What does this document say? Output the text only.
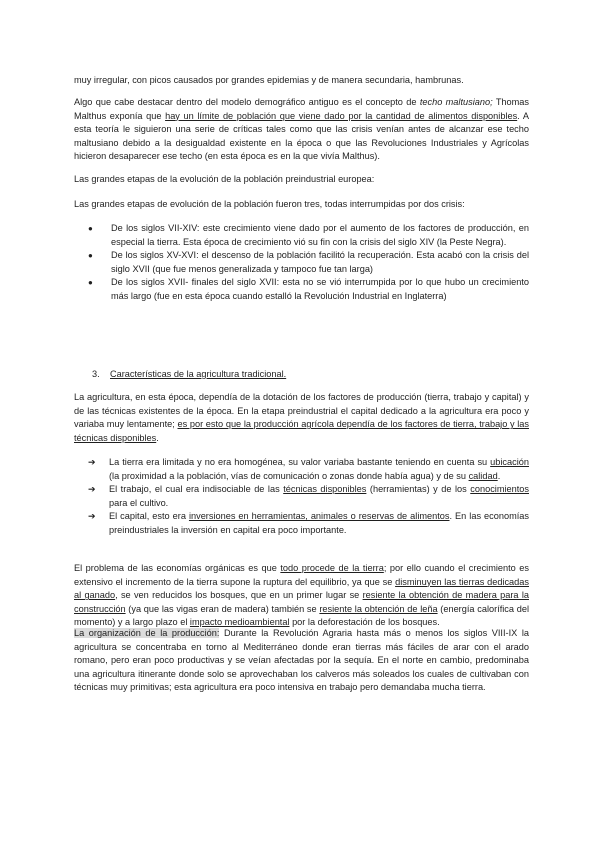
muy irregular, con picos causados por grandes epidemias y de manera secundaria, hambrunas.

Algo que cabe destacar dentro del modelo demográfico antiguo es el concepto de techo maltusiano; Thomas Malthus exponía que hay un límite de población que viene dado por la cantidad de alimentos disponibles. A esta teoría le siguieron una serie de críticas tales como que las crisis venían antes de alcanzar ese techo maltusiano debido a la desigualdad existente en la época o que las Revoluciones Industriales y Agrícolas hicieron desaparecer ese techo (en esta época es en la que vivía Malthus).

Las grandes etapas de la evolución de la población preindustrial europea:

Las grandes etapas de evolución de la población fueron tres, todas interrumpidas por dos crisis:

● De los siglos VII-XIV: este crecimiento viene dado por el aumento de los factores de producción, en especial la tierra. Esta época de crecimiento vió su fin con la crisis del siglo XIV (la Peste Negra).
● De los siglos XV-XVI: el descenso de la población facilitó la recuperación. Esta acabó con la crisis del siglo XVII (que fue menos generalizada y tampoco fue tan larga)
● De los siglos XVII- finales del siglo XVII: esta no se vió interrumpida por lo que hubo un crecimiento más largo (fue en esta época cuando estalló la Revolución Industrial en Inglaterra)
3. Características de la agricultura tradicional.

La agricultura, en esta época, dependía de la dotación de los factores de producción (tierra, trabajo y capital) y de las técnicas existentes de la época. En la etapa preindustrial el capital dedicado a la agricultura era poco y variaba muy lentamente; es por esto que la producción agrícola dependía de los factores de tierra, trabajo y las técnicas disponibles.

➔ La tierra era limitada y no era homogénea, su valor variaba bastante teniendo en cuenta su ubicación (la proximidad a la población, vías de comunicación o zonas donde había agua) y de su calidad.
➔ El trabajo, el cual era indisociable de las técnicas disponibles (herramientas) y de los conocimientos para el cultivo.
➔ El capital, esto era inversiones en herramientas, animales o reservas de alimentos. En las economías preindustriales la inversión en capital era poco importante.

El problema de las economías orgánicas es que todo procede de la tierra; por ello cuando el crecimiento es extensivo el incremento de la tierra supone la ruptura del equilibrio, ya que se disminuyen las tierras dedicadas al ganado, se ven reducidos los bosques, que en un primer lugar se resiente la obtención de madera para la construcción (ya que las vigas eran de madera) también se resiente la obtención de leña (energía calorífica del momento) y a largo plazo el impacto medioambiental por la deforestación de los bosques.

La organización de la producción: Durante la Revolución Agraria hasta más o menos los siglos VIII-IX la agricultura se concentraba en torno al Mediterráneo donde eran tierras más fáciles de arar con el arado romano, pero eran poco productivas y se veían afectadas por la sequía. En el norte en cambio, predominaba una agricultura itinerante donde solo se aprovechaban los calveros más soleados los cuales de cultivaban con técnicas muy primitivas; esta agricultura era poco intensiva en trabajo pero demandaba mucha tierra.
